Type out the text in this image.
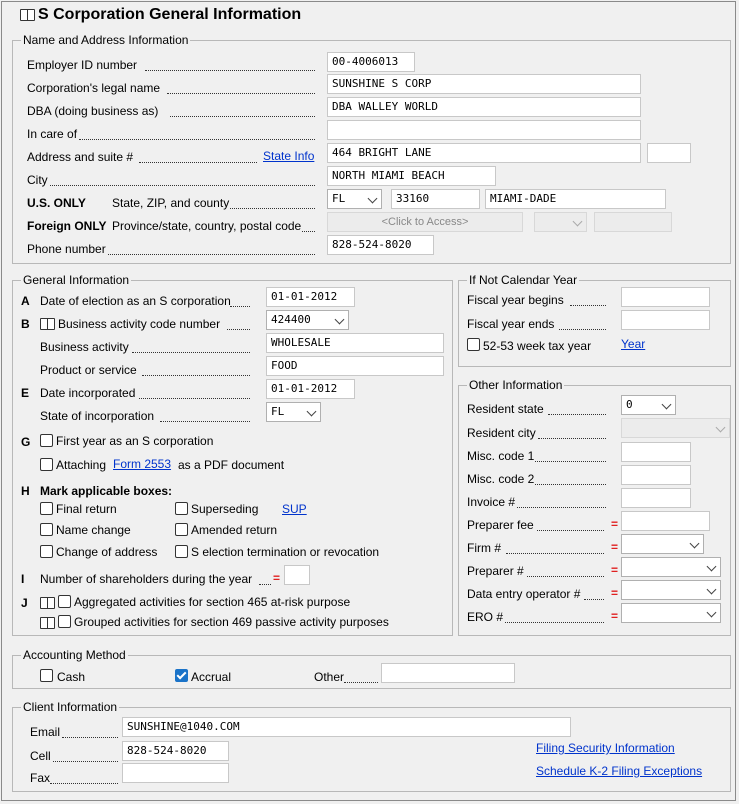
S Corporation General Information
Name and Address Information
Employer ID number	00-4006013
Corporation's legal name	SUNSHINE S CORP
DBA (doing business as)	DBA WALLEY WORLD
In care of
Address and suite #	State Info	464 BRIGHT LANE
City	NORTH MIAMI BEACH
U.S. ONLY State, ZIP, and county	FL	33160	MIAMI-DADE
Foreign ONLY Province/state, country, postal code	<Click to Access>
Phone number	828-524-8020
General Information
A Date of election as an S corporation	01-01-2012
B Business activity code number	424400
Business activity	WHOLESALE
Product or service	FOOD
E Date incorporated	01-01-2012
State of incorporation	FL
G First year as an S corporation
Attaching Form 2553 as a PDF document
H Mark applicable boxes:
Final return	Superseding SUP
Name change	Amended return
Change of address	S election termination or revocation
I Number of shareholders during the year =
J	Aggregated activities for section 465 at-risk purpose
Grouped activities for section 469 passive activity purposes
If Not Calendar Year
Fiscal year begins
Fiscal year ends
52-53 week tax year Year
Other Information
Resident state	0
Resident city
Misc. code 1
Misc. code 2
Invoice #
Preparer fee	=
Firm #	=
Preparer #	=
Data entry operator #	=
ERO #	=
Accounting Method
Cash	Accrual	Other
Client Information
Email	SUNSHINE@1040.COM
Cell	828-524-8020
Fax
Filing Security Information
Schedule K-2 Filing Exceptions
